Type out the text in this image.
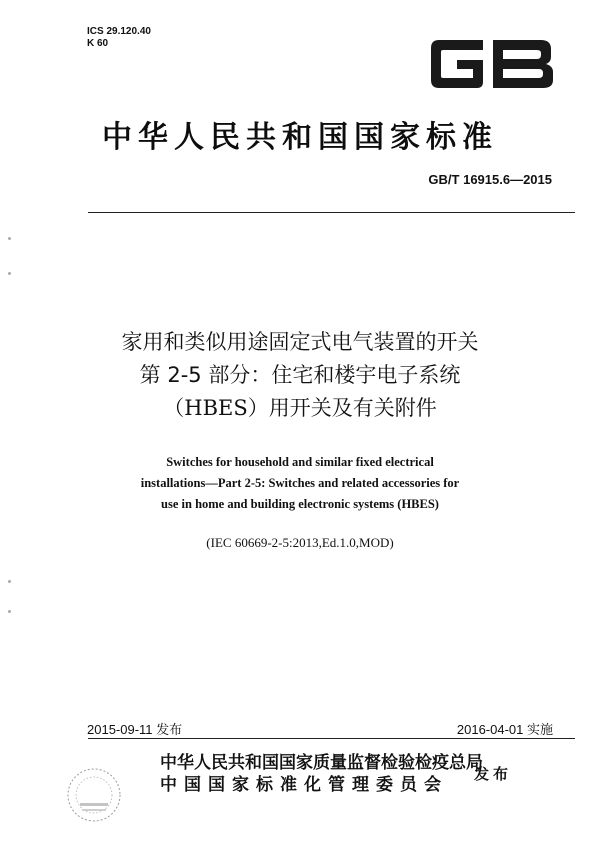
ICS 29.120.40
K 60	GB
中华人民共和国国家标准
GB/T 16915.6—2015
家用和类似用途固定式电气装置的开关
第 2-5 部分：住宅和楼宇电子系统
（HBES）用开关及有关附件
Switches for household and similar fixed electrical
installations—Part 2-5: Switches and related accessories for
use in home and building electronic systems (HBES)
(IEC 60669-2-5:2013,Ed.1.0,MOD)
2015-09-11 发布	2016-04-01 实施
中华人民共和国国家质量监督检验检疫总局
中国国家标准化管理委员会
发布
